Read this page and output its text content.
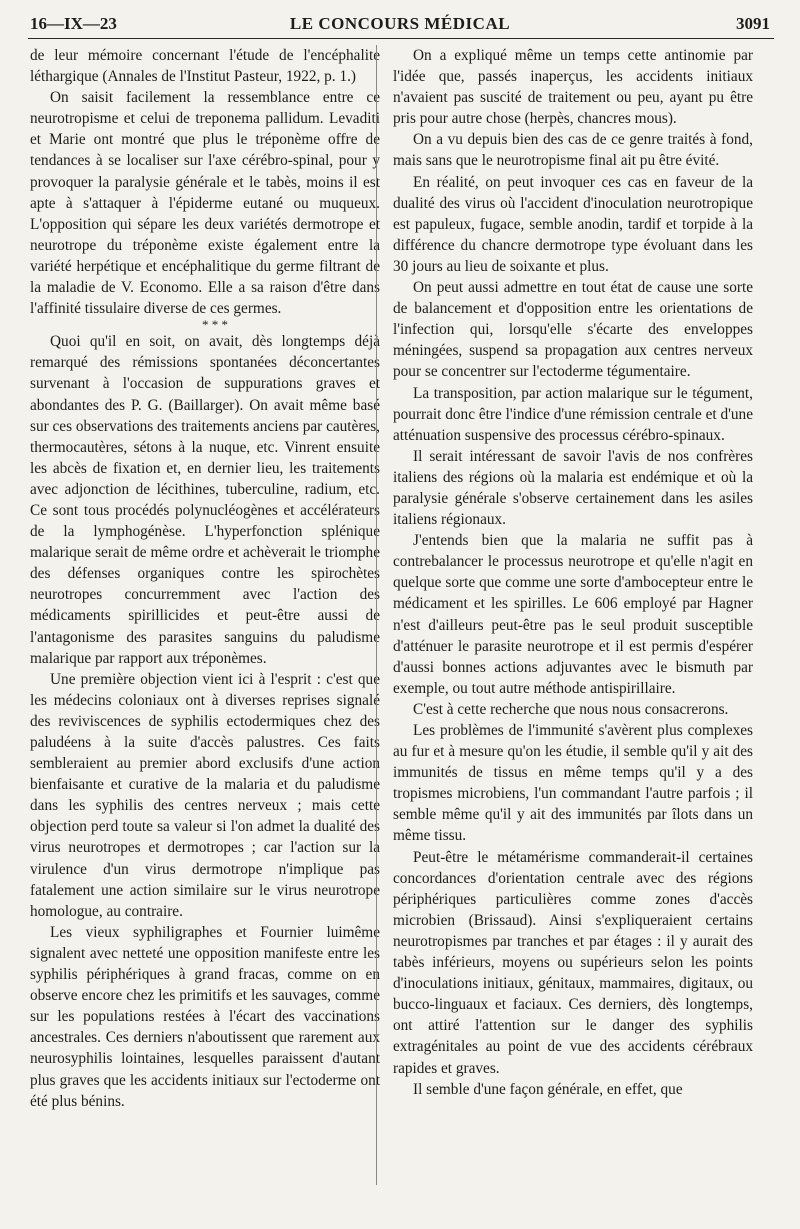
16—IX—23	LE CONCOURS MÉDICAL	3091

de leur mémoire concernant l'étude de l'encéphalite léthargique (Annales de l'Institut Pasteur, 1922, p. 1.)

On saisit facilement la ressemblance entre ce neurotropisme et celui de treponema pallidum. Levaditi et Marie ont montré que plus le tréponème offre de tendances à se localiser sur l'axe cérébro-spinal, pour y provoquer la paralysie générale et le tabès, moins il est apte à s'attaquer à l'épiderme eutané ou muqueux. L'opposition qui sépare les deux variétés dermotrope et neurotrope du tréponème existe également entre la variété herpétique et encéphalitique du germe filtrant de la maladie de V. Economo. Elle a sa raison d'être dans l'affinité tissulaire diverse de ces germes.

* * *

Quoi qu'il en soit, on avait, dès longtemps déjà remarqué des rémissions spontanées déconcertantes survenant à l'occasion de suppurations graves et abondantes des P. G. (Baillarger). On avait même basé sur ces observations des traitements anciens par cautères, thermocautères, sétons à la nuque, etc. Vinrent ensuite les abcès de fixation et, en dernier lieu, les traitements avec adjonction de lécithines, tuberculine, radium, etc. Ce sont tous procédés polynucléogènes et accélérateurs de la lymphogénèse. L'hyperfonction splénique malarique serait de même ordre et achèverait le triomphe des défenses organiques contre les spirochètes neurotropes concurremment avec l'action des médicaments spirillicides et peut-être aussi de l'antagonisme des parasites sanguins du paludisme malarique par rapport aux tréponèmes.

Une première objection vient ici à l'esprit : c'est que les médecins coloniaux ont à diverses reprises signalé des reviviscences de syphilis ectodermiques chez des paludéens à la suite d'accès palustres. Ces faits sembleraient au premier abord exclusifs d'une action bienfaisante et curative de la malaria et du paludisme dans les syphilis des centres nerveux ; mais cette objection perd toute sa valeur si l'on admet la dualité des virus neurotropes et dermotropes ; car l'action sur la virulence d'un virus dermotrope n'implique pas fatalement une action similaire sur le virus neurotrope homologue, au contraire.

Les vieux syphiligraphes et Fournier luimême signalent avec netteté une opposition manifeste entre les syphilis périphériques à grand fracas, comme on en observe encore chez les primitifs et les sauvages, comme sur les populations restées à l'écart des vaccinations ancestrales. Ces derniers n'aboutissent que rarement aux neurosyphilis lointaines, lesquelles paraissent d'autant plus graves que les accidents initiaux sur l'ectoderme ont été plus bénins.

On a expliqué même un temps cette antinomie par l'idée que, passés inaperçus, les accidents initiaux n'avaient pas suscité de traitement ou peu, ayant pu être pris pour autre chose (herpès, chancres mous).

On a vu depuis bien des cas de ce genre traités à fond, mais sans que le neurotropisme final ait pu être évité.

En réalité, on peut invoquer ces cas en faveur de la dualité des virus où l'accident d'inoculation neurotropique est papuleux, fugace, semble anodin, tardif et torpide à la différence du chancre dermotrope type évoluant dans les 30 jours au lieu de soixante et plus.

On peut aussi admettre en tout état de cause une sorte de balancement et d'opposition entre les orientations de l'infection qui, lorsqu'elle s'écarte des enveloppes méningées, suspend sa propagation aux centres nerveux pour se concentrer sur l'ectoderme tégumentaire.

La transposition, par action malarique sur le tégument, pourrait donc être l'indice d'une rémission centrale et d'une atténuation suspensive des processus cérébro-spinaux.

Il serait intéressant de savoir l'avis de nos confrères italiens des régions où la malaria est endémique et où la paralysie générale s'observe certainement dans les asiles italiens régionaux.

J'entends bien que la malaria ne suffit pas à contrebalancer le processus neurotrope et qu'elle n'agit en quelque sorte que comme une sorte d'ambocepteur entre le médicament et les spirilles. Le 606 employé par Hagner n'est d'ailleurs peut-être pas le seul produit susceptible d'atténuer le parasite neurotrope et il est permis d'espérer d'aussi bonnes actions adjuvantes avec le bismuth par exemple, ou tout autre méthode antispirillaire.

C'est à cette recherche que nous nous consacrerons.

Les problèmes de l'immunité s'avèrent plus complexes au fur et à mesure qu'on les étudie, il semble qu'il y ait des immunités de tissus en même temps qu'il y a des tropismes microbiens, l'un commandant l'autre parfois ; il semble même qu'il y ait des immunités par îlots dans un même tissu.

Peut-être le métamérisme commanderait-il certaines concordances d'orientation centrale avec des régions périphériques particulières comme zones d'accès microbien (Brissaud). Ainsi s'expliqueraient certains neurotropismes par tranches et par étages : il y aurait des tabès inférieurs, moyens ou supérieurs selon les points d'inoculations initiaux, génitaux, mammaires, digitaux, ou bucco-linguaux et faciaux. Ces derniers, dès longtemps, ont attiré l'attention sur le danger des syphilis extragénitales au point de vue des accidents cérébraux rapides et graves.

Il semble d'une façon générale, en effet, que
